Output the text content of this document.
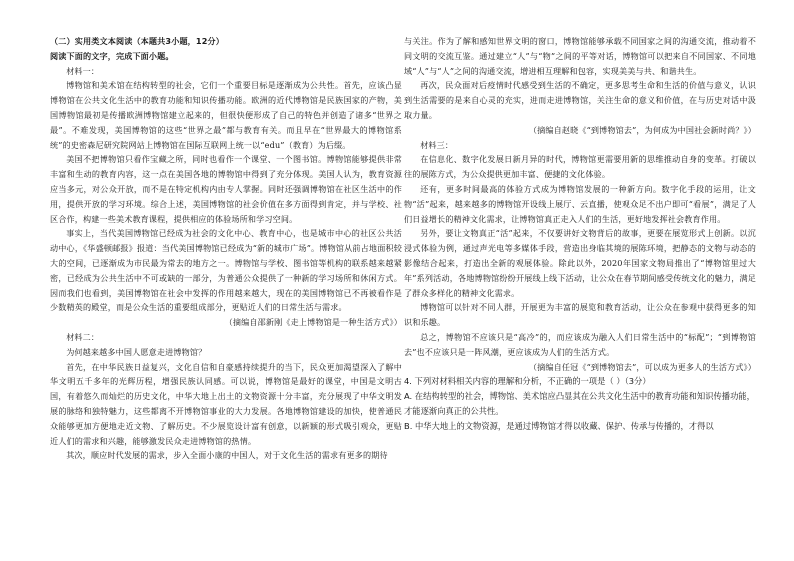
（二）实用类文本阅读（本题共3小题，12分）

阅读下面的文字，完成下面小题。

材料一：

博物馆和美术馆在结构转型的社会，它们一个重要目标是逐渐成为公共性。首先，应该凸显博物馆在公共文化生活中的教育功能和知识传播功能。欧洲的近代博物馆是民族国家的产物，美国博物馆最初是传播欧洲博物馆建立起来的，但很快便形成了自己的特色并创造了诸多“世界之最”。不难发现，美国博物馆的这些“世界之最”都与教育有关。而且早在“世界最大的博物馆系统”的史密森尼研究院网站上博物馆在国际互联网上统一以“edu”（教育）为后缀。

美国不把博物馆只看作宝藏之所，同时也看作一个课堂、一个图书馆。博物馆能够提供非常丰富和生动的教育内容，这一点在美国各地的博物馆中得到了充分体现。美国人认为，教育资源应当多元，对公众开放，而不是在特定机构内由专人掌握。同时还强调博物馆在社区生活中的作用，提供开放的学习环境。综合上述，美国博物馆的社会价值在多方面得到肯定，并与学校、社区合作，构建一些美术教育课程，提供相应的体验场所和学习空间。

事实上，当代美国博物馆已经成为社会的文化中心、教育中心，也是城市中心的社区公共活动中心，《华盛顿邮报》报道：当代美国博物馆已经成为“新的城市广场”。博物馆从前占地面积较大的空间，已逐渐成为市民最为常去的地方之一。博物馆与学校、图书馆等机构的联系越来越紧密，已经成为公共生活中不可或缺的一部分，为普通公众提供了一种新的学习场所和休闲方式。因而我们也看到，美国博物馆在社会中发挥的作用越来越大，现在的美国博物馆已不再被看作是少数精英的殿堂，而是公众生活的重要组成部分，更贴近人们的日常生活与需求。

（摘编自邵新刚《走上博物馆是一种生活方式》）

材料二：

为何越来越多中国人愿意走进博物馆？

首先，在中华民族日益复兴，文化自信和自豪感持续提升的当下，民众更加渴望深入了解中华文明五千多年的光辉历程，增强民族认同感。可以说，博物馆是最好的课堂，中国是文明古国，有着悠久而灿烂的历史文化，中华大地上出土的文物资源十分丰富，充分展现了中华文明发展的脉络和独特魅力，这些都离不开博物馆事业的大力发展。各地博物馆建设的加快，使普通民众能够更加方便地走近文物、了解历史。不少展览设计富有创意，以新颖的形式吸引观众，更贴近人们的需求和兴趣，能够激发民众走进博物馆的热情。

其次，顺应时代发展的需求，步入全面小康的中国人，对于文化生活的需求有更多的期待

与关注。作为了解和感知世界文明的窗口，博物馆能够承载不同国家之间的沟通交流，推动着不同文明的交流互鉴。通过建立“人”与“物”之间的平等对话，博物馆可以把来自不同国家、不同地域“人”与“人”之间的沟通交流，增进相互理解和包容，实现美美与共、和谐共生。

再次，民众面对后疫情时代感受到生活的不确定，更多思考生命和生活的价值与意义，认识到生活需要的是来自心灵的充实，进而走进博物馆，关注生命的意义和价值，在与历史对话中汲取力量。

（摘编自赵晓《“到博物馆去”，为何成为中国社会新时尚？》）

材料三：

在信息化、数字化发展日新月异的时代，博物馆更需要用新的思维推动自身的变革。打破以往的展陈方式，为公众提供更加丰富、便捷的文化体验。

还有，更多时间最高的体验方式成为博物馆发展的一种新方向。数字化手段的运用，让文物“活”起来，越来越多的博物馆开设线上展厅、云直播，使观众足不出户即可“看展”，满足了人们日益增长的精神文化需求，让博物馆真正走入人们的生活，更好地发挥社会教育作用。

另外，要让文物真正“活”起来，不仅要讲好文物背后的故事，更要在展览形式上创新。以沉浸式体验为例，通过声光电等多媒体手段，营造出身临其境的展陈环境，把静态的文物与动态的影像结合起来，打造出全新的观展体验。除此以外，2020年国家文物局推出了“博物馆里过大年”系列活动，各地博物馆纷纷开展线上线下活动，让公众在春节期间感受传统文化的魅力，满足了群众多样化的精神文化需求。

博物馆可以针对不同人群，开展更为丰富的展览和教育活动，让公众在参观中获得更多的知识和乐趣。

总之，博物馆不应该只是“高冷”的，而应该成为融入人们日常生活中的“标配”；“到博物馆去”也不应该只是一阵风潮，更应该成为人们的生活方式。

（摘编自任冠《“到博物馆去”，可以成为更多人的生活方式》）

4. 下列对材料相关内容的理解和分析，不正确的一项是（ ）（3分）

A. 在结构转型的社会，博物馆、美术馆应凸显其在公共文化生活中的教育功能和知识传播功能，才能逐渐向真正的公共性。

B. 中华大地上的文物资源，是通过博物馆才得以收藏、保护、传承与传播的，才得以
